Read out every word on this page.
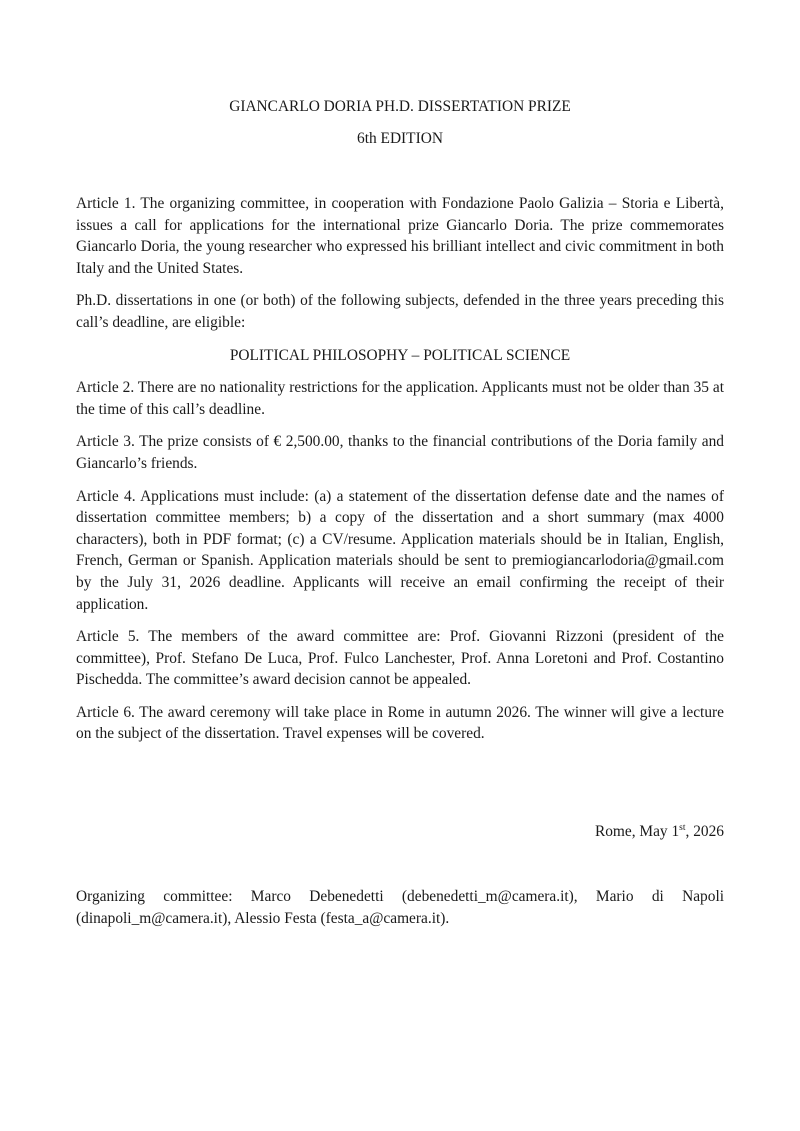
GIANCARLO DORIA PH.D. DISSERTATION PRIZE
6th EDITION

Article 1. The organizing committee, in cooperation with Fondazione Paolo Galizia – Storia e Libertà, issues a call for applications for the international prize Giancarlo Doria. The prize commemorates Giancarlo Doria, the young researcher who expressed his brilliant intellect and civic commitment in both Italy and the United States.

Ph.D. dissertations in one (or both) of the following subjects, defended in the three years preceding this call’s deadline, are eligible:

POLITICAL PHILOSOPHY – POLITICAL SCIENCE

Article 2. There are no nationality restrictions for the application. Applicants must not be older than 35 at the time of this call’s deadline.

Article 3. The prize consists of € 2,500.00, thanks to the financial contributions of the Doria family and Giancarlo’s friends.

Article 4. Applications must include: (a) a statement of the dissertation defense date and the names of dissertation committee members; b) a copy of the dissertation and a short summary (max 4000 characters), both in PDF format; (c) a CV/resume. Application materials should be in Italian, English, French, German or Spanish. Application materials should be sent to premiogiancarlodoria@gmail.com by the July 31, 2026 deadline. Applicants will receive an email confirming the receipt of their application.

Article 5. The members of the award committee are: Prof. Giovanni Rizzoni (president of the committee), Prof. Stefano De Luca, Prof. Fulco Lanchester, Prof. Anna Loretoni and Prof. Costantino Pischedda. The committee’s award decision cannot be appealed.

Article 6. The award ceremony will take place in Rome in autumn 2026. The winner will give a lecture on the subject of the dissertation. Travel expenses will be covered.

Rome, May 1st, 2026
Organizing committee: Marco Debenedetti (debenedetti_m@camera.it), Mario di Napoli (dinapoli_m@camera.it), Alessio Festa (festa_a@camera.it).
